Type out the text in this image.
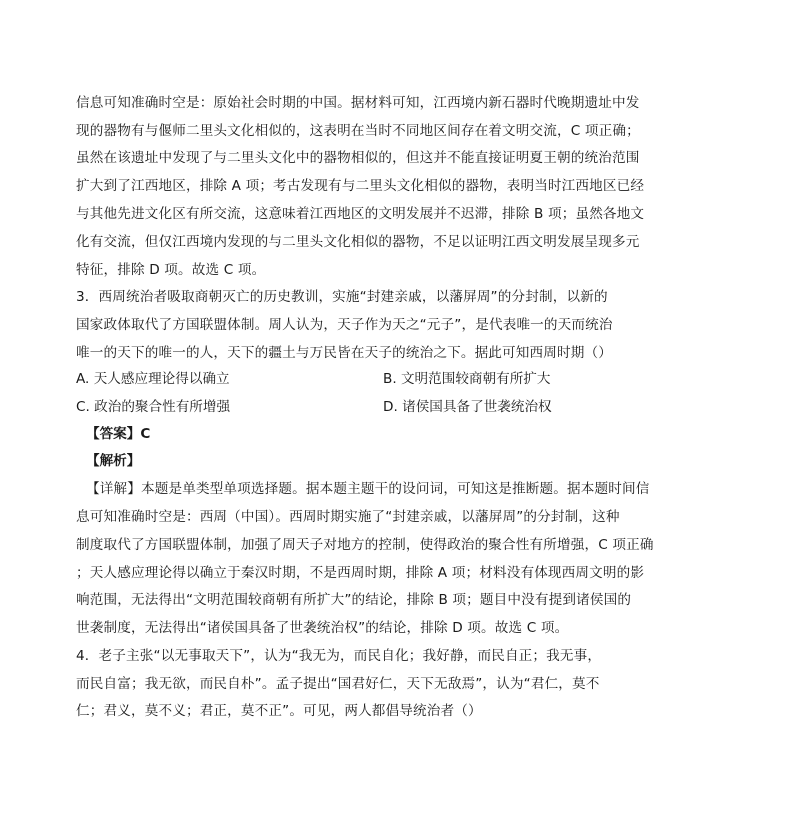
信息可知准确时空是：原始社会时期的中国。据材料可知，江西境内新石器时代晚期遗址中发
现的器物有与偃师二里头文化相似的，这表明在当时不同地区间存在着文明交流，C 项正确；
虽然在该遗址中发现了与二里头文化中的器物相似的，但这并不能直接证明夏王朝的统治范围
扩大到了江西地区，排除 A 项；考古发现有与二里头文化相似的器物，表明当时江西地区已经
与其他先进文化区有所交流，这意味着江西地区的文明发展并不迟滞，排除 B 项；虽然各地文
化有交流，但仅江西境内发现的与二里头文化相似的器物，不足以证明江西文明发展呈现多元
特征，排除 D 项。故选 C 项。
3．西周统治者吸取商朝灭亡的历史教训，实施“封建亲戚，以藩屏周”的分封制，以新的
国家政体取代了方国联盟体制。周人认为，天子作为天之“元子”，是代表唯一的天而统治
唯一的天下的唯一的人，天下的疆土与万民皆在天子的统治之下。据此可知西周时期（）
A. 天人感应理论得以确立	B. 文明范围较商朝有所扩大
C. 政治的聚合性有所增强	D. 诸侯国具备了世袭统治权
【答案】C
【解析】
【详解】本题是单类型单项选择题。据本题主题干的设问词，可知这是推断题。据本题时间信
息可知准确时空是：西周（中国）。西周时期实施了“封建亲戚，以藩屏周”的分封制，这种
制度取代了方国联盟体制，加强了周天子对地方的控制，使得政治的聚合性有所增强，C 项正确
；天人感应理论得以确立于秦汉时期，不是西周时期，排除 A 项；材料没有体现西周文明的影
响范围，无法得出“文明范围较商朝有所扩大”的结论，排除 B 项；题目中没有提到诸侯国的
世袭制度，无法得出“诸侯国具备了世袭统治权”的结论，排除 D 项。故选 C 项。
4．老子主张“以无事取天下”，认为“我无为，而民自化；我好静，而民自正；我无事，
而民自富；我无欲，而民自朴”。孟子提出“国君好仁，天下无敌焉”，认为“君仁，莫不
仁；君义，莫不义；君正，莫不正”。可见，两人都倡导统治者（）
